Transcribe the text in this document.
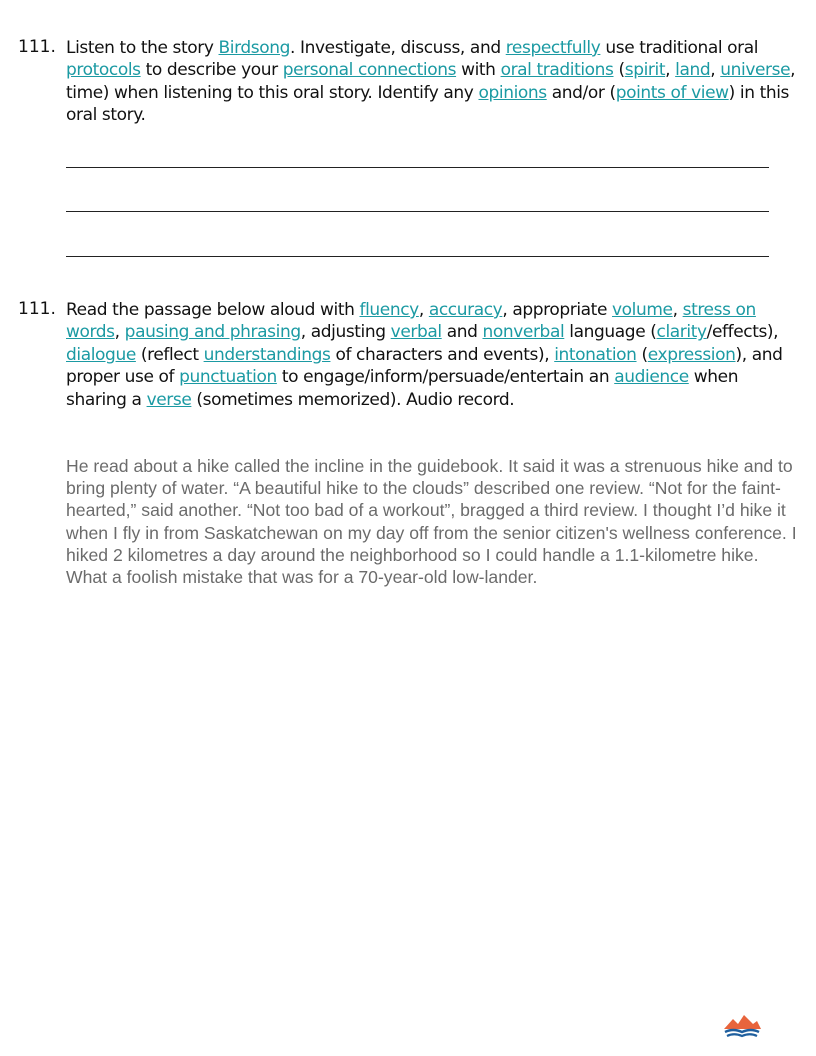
111. Listen to the story Birdsong. Investigate, discuss, and respectfully use traditional oral protocols to describe your personal connections with oral traditions (spirit, land, universe, time) when listening to this oral story. Identify any opinions and/or (points of view) in this oral story.
111. Read the passage below aloud with fluency, accuracy, appropriate volume, stress on words, pausing and phrasing, adjusting verbal and nonverbal language (clarity/effects), dialogue (reflect understandings of characters and events), intonation (expression), and proper use of punctuation to engage/inform/persuade/entertain an audience when sharing a verse (sometimes memorized). Audio record.
He read about a hike called the incline in the guidebook. It said it was a strenuous hike and to bring plenty of water. “A beautiful hike to the clouds” described one review. “Not for the faint-hearted,” said another. “Not too bad of a workout”, bragged a third review. I thought I’d hike it when I fly in from Saskatchewan on my day off from the senior citizen's wellness conference. I hiked 2 kilometres a day around the neighborhood so I could handle a 1.1-kilometre hike. What a foolish mistake that was for a 70-year-old low-lander.
